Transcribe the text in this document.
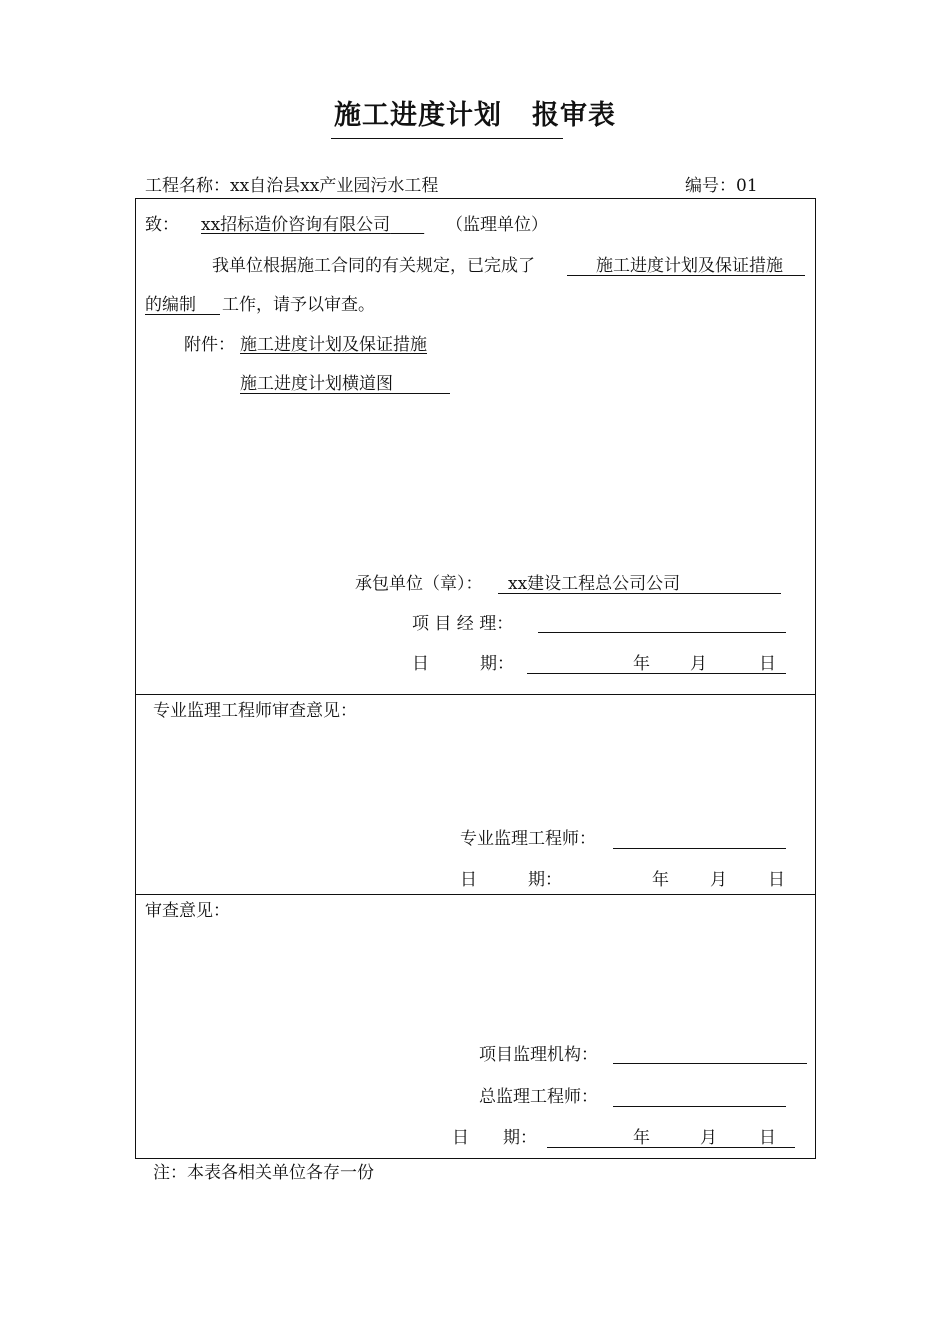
施工进度计划 报审表
工程名称：xx自治县xx产业园污水工程	编号：01
致：	xx招标造价咨询有限公司　　	（监理单位）
我单位根据施工合同的有关规定，已完成了	施工进度计划及保证措施
的编制 工作，请予以审查。
附件： 施工进度计划及保证措施
施工进度计划横道图
承包单位（章）： xx建设工程总公司公司
项 目 经 理：
日　　　期：	年 月	日
专业监理工程师审查意见：
专业监理工程师：
日　　　期：	年 月 日
审查意见：
项目监理机构：
总监理工程师：
日　　期：	年	月 日
注：本表各相关单位各存一份
